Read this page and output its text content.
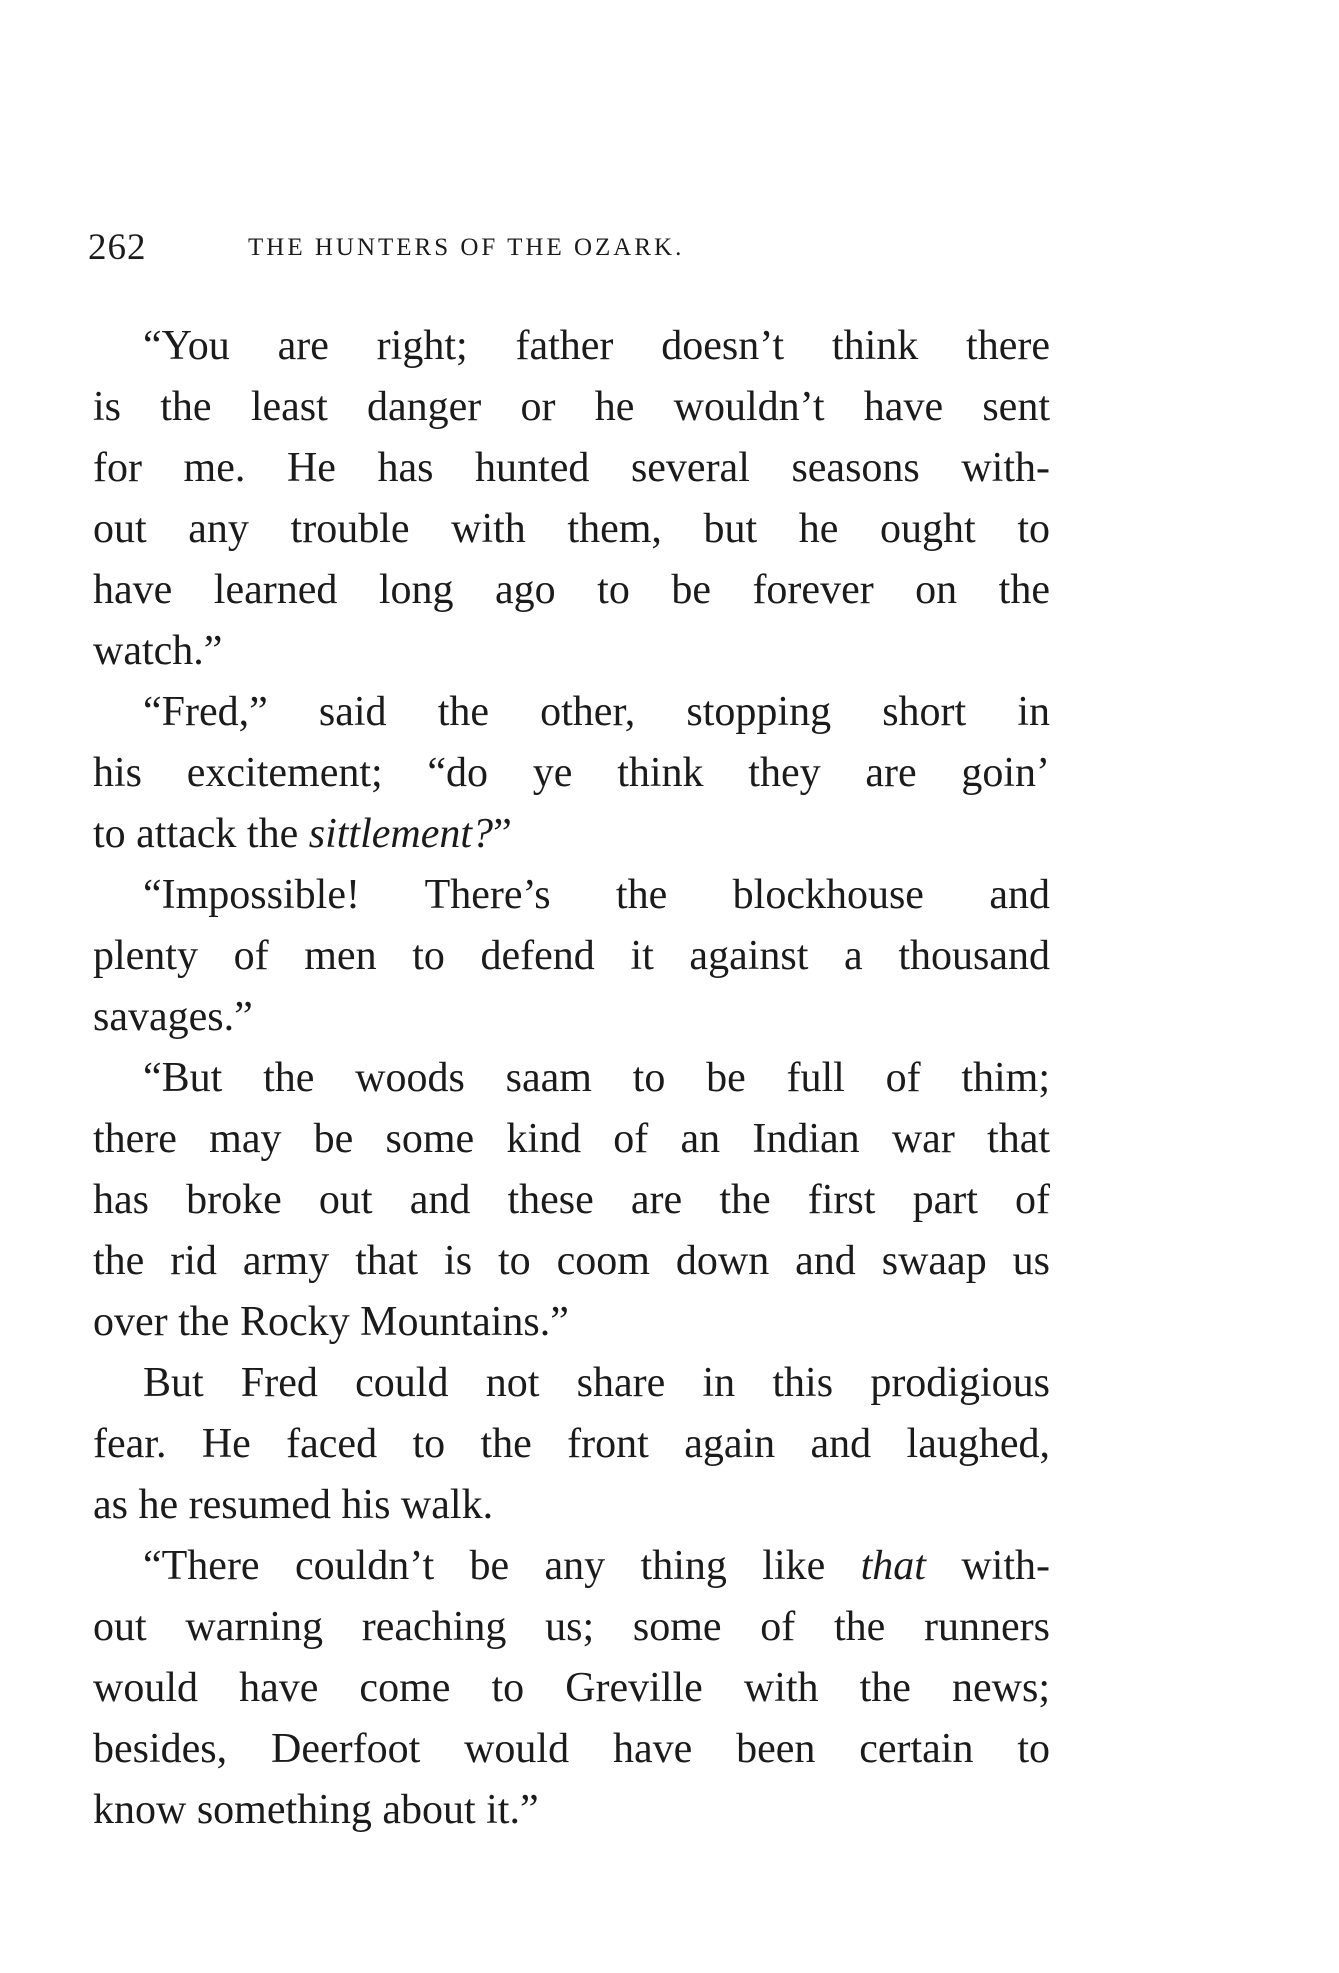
262	THE HUNTERS OF THE OZARK.
“You are right; father doesn’t think there
is the least danger or he wouldn’t have sent
for me. He has hunted several seasons with-
out any trouble with them, but he ought to
have learned long ago to be forever on the
watch.”
“Fred,” said the other, stopping short in
his excitement; “do ye think they are goin’
to attack the sittlement?”
“Impossible! There’s the blockhouse and
plenty of men to defend it against a thousand
savages.”
“But the woods saam to be full of thim;
there may be some kind of an Indian war that
has broke out and these are the first part of
the rid army that is to coom down and swaap us
over the Rocky Mountains.”
But Fred could not share in this prodigious
fear. He faced to the front again and laughed,
as he resumed his walk.
“There couldn’t be any thing like that with-
out warning reaching us; some of the runners
would have come to Greville with the news;
besides, Deerfoot would have been certain to
know something about it.”
